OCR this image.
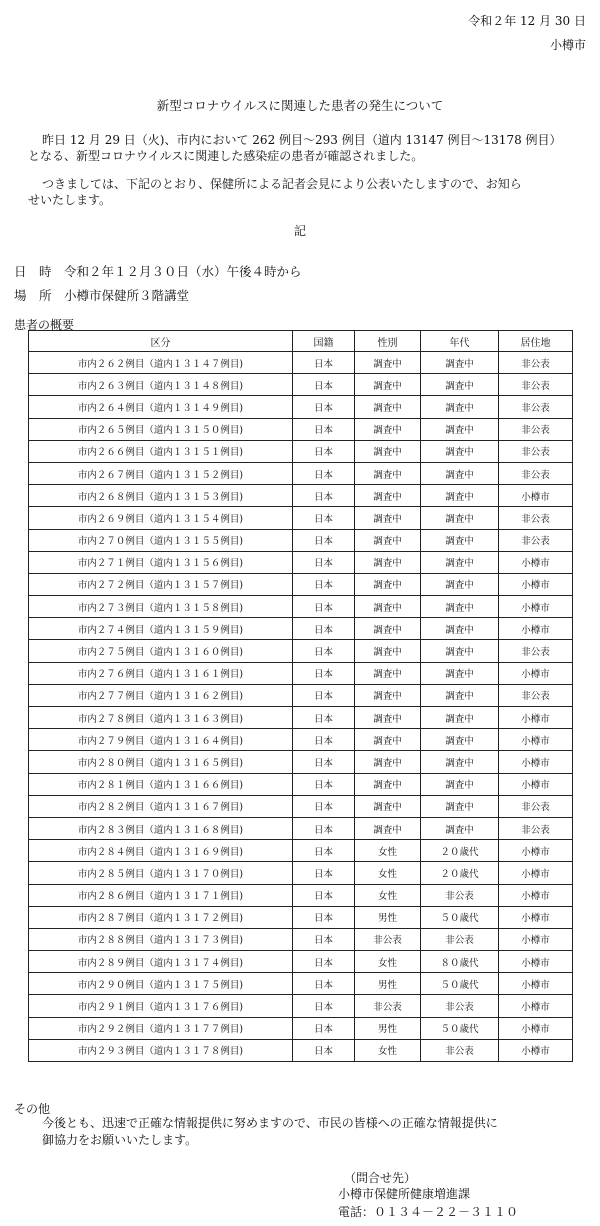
令和２年 12 月 30 日
小樽市
新型コロナウイルスに関連した患者の発生について
昨日 12 月 29 日（火)、市内において 262 例目～293 例目（道内 13147 例目～13178 例目）
となる、新型コロナウイルスに関連した感染症の患者が確認されました。
つきましては、下記のとおり、保健所による記者会見により公表いたしますので、お知ら
せいたします。
記
日　時　令和２年１２月３０日（水）午後４時から
場　所　小樽市保健所３階講堂
患者の概要
区分	国籍	性別	年代	居住地
市内２６２例目（道内１３１４７例目)	日本	調査中	調査中	非公表
市内２６３例目（道内１３１４８例目)	日本	調査中	調査中	非公表
市内２６４例目（道内１３１４９例目)	日本	調査中	調査中	非公表
市内２６５例目（道内１３１５０例目)	日本	調査中	調査中	非公表
市内２６６例目（道内１３１５１例目)	日本	調査中	調査中	非公表
市内２６７例目（道内１３１５２例目)	日本	調査中	調査中	非公表
市内２６８例目（道内１３１５３例目)	日本	調査中	調査中	小樽市
市内２６９例目（道内１３１５４例目)	日本	調査中	調査中	非公表
市内２７０例目（道内１３１５５例目)	日本	調査中	調査中	非公表
市内２７１例目（道内１３１５６例目)	日本	調査中	調査中	小樽市
市内２７２例目（道内１３１５７例目)	日本	調査中	調査中	小樽市
市内２７３例目（道内１３１５８例目)	日本	調査中	調査中	小樽市
市内２７４例目（道内１３１５９例目)	日本	調査中	調査中	小樽市
市内２７５例目（道内１３１６０例目)	日本	調査中	調査中	非公表
市内２７６例目（道内１３１６１例目)	日本	調査中	調査中	小樽市
市内２７７例目（道内１３１６２例目)	日本	調査中	調査中	非公表
市内２７８例目（道内１３１６３例目)	日本	調査中	調査中	小樽市
市内２７９例目（道内１３１６４例目)	日本	調査中	調査中	小樽市
市内２８０例目（道内１３１６５例目)	日本	調査中	調査中	小樽市
市内２８１例目（道内１３１６６例目)	日本	調査中	調査中	小樽市
市内２８２例目（道内１３１６７例目)	日本	調査中	調査中	非公表
市内２８３例目（道内１３１６８例目)	日本	調査中	調査中	非公表
市内２８４例目（道内１３１６９例目)	日本	女性	２０歳代	小樽市
市内２８５例目（道内１３１７０例目)	日本	女性	２０歳代	小樽市
市内２８６例目（道内１３１７１例目)	日本	女性	非公表	小樽市
市内２８７例目（道内１３１７２例目)	日本	男性	５０歳代	小樽市
市内２８８例目（道内１３１７３例目)	日本	非公表	非公表	小樽市
市内２８９例目（道内１３１７４例目)	日本	女性	８０歳代	小樽市
市内２９０例目（道内１３１７５例目)	日本	男性	５０歳代	小樽市
市内２９１例目（道内１３１７６例目)	日本	非公表	非公表	小樽市
市内２９２例目（道内１３１７７例目)	日本	男性	５０歳代	小樽市
市内２９３例目（道内１３１７８例目)	日本	女性	非公表	小樽市
その他
今後とも、迅速で正確な情報提供に努めますので、市民の皆様への正確な情報提供に
御協力をお願いいたします。
（問合せ先）
小樽市保健所健康増進課
電話：０１３４－２２－３１１０
